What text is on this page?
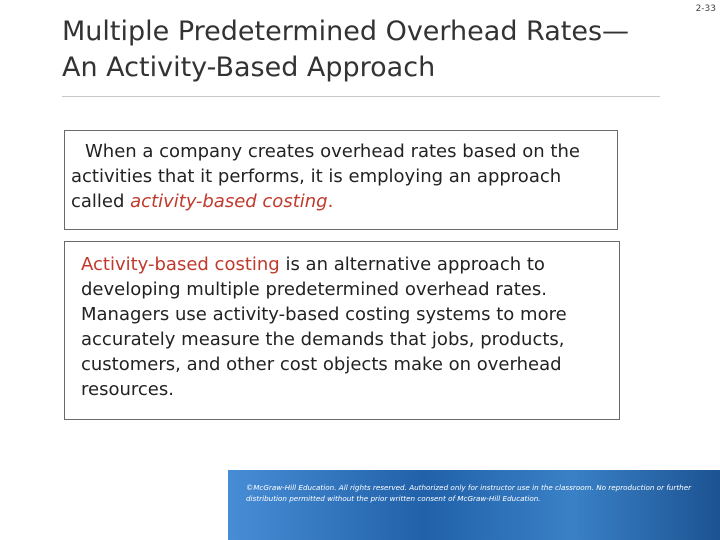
2-33
Multiple Predetermined Overhead Rates—
An Activity-Based Approach
When a company creates overhead rates based on the
activities that it performs, it is employing an approach
called activity-based costing.
Activity-based costing is an alternative approach to
developing multiple predetermined overhead rates.
Managers use activity-based costing systems to more
accurately measure the demands that jobs, products,
customers, and other cost objects make on overhead
resources.
©McGraw-Hill Education. All rights reserved. Authorized only for instructor use in the classroom. No reproduction or further
distribution permitted without the prior written consent of McGraw-Hill Education.
